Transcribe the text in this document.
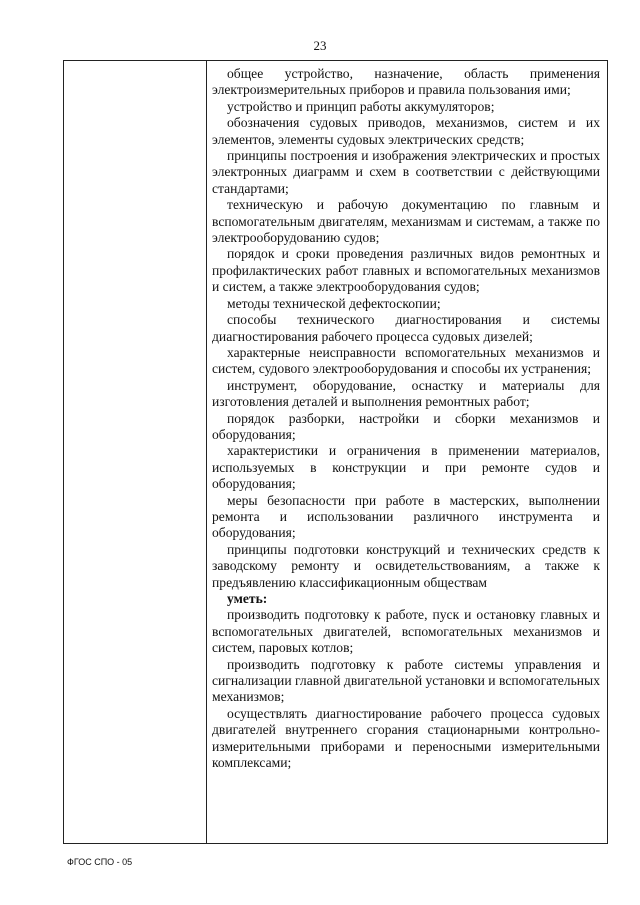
23

общее устройство, назначение, область применения электроизмерительных приборов и правила пользования ими;

устройство и принцип работы аккумуляторов;

обозначения судовых приводов, механизмов, систем и их элементов, элементы судовых электрических средств;

принципы построения и изображения электрических и простых электронных диаграмм и схем в соответствии с действующими стандартами;

техническую и рабочую документацию по главным и вспомогательным двигателям, механизмам и системам, а также по электрооборудованию судов;

порядок и сроки проведения различных видов ремонтных и профилактических работ главных и вспомогательных механизмов и систем, а также электрооборудования судов;

методы технической дефектоскопии;

способы технического диагностирования и системы диагностирования рабочего процесса судовых дизелей;

характерные неисправности вспомогательных механизмов и систем, судового электрооборудования и способы их устранения;

инструмент, оборудование, оснастку и материалы для изготовления деталей и выполнения ремонтных работ;

порядок разборки, настройки и сборки механизмов и оборудования;

характеристики и ограничения в применении материалов, используемых в конструкции и при ремонте судов и оборудования;

меры безопасности при работе в мастерских, выполнении ремонта и использовании различного инструмента и оборудования;

принципы подготовки конструкций и технических средств к заводскому ремонту и освидетельствованиям, а также к предъявлению классификационным обществам

уметь:

производить подготовку к работе, пуск и остановку главных и вспомогательных двигателей, вспомогательных механизмов и систем, паровых котлов;

производить подготовку к работе системы управления и сигнализации главной двигательной установки и вспомогательных механизмов;

осуществлять диагностирование рабочего процесса судовых двигателей внутреннего сгорания стационарными контрольно-измерительными приборами и переносными измерительными комплексами;

ФГОС СПО - 05
